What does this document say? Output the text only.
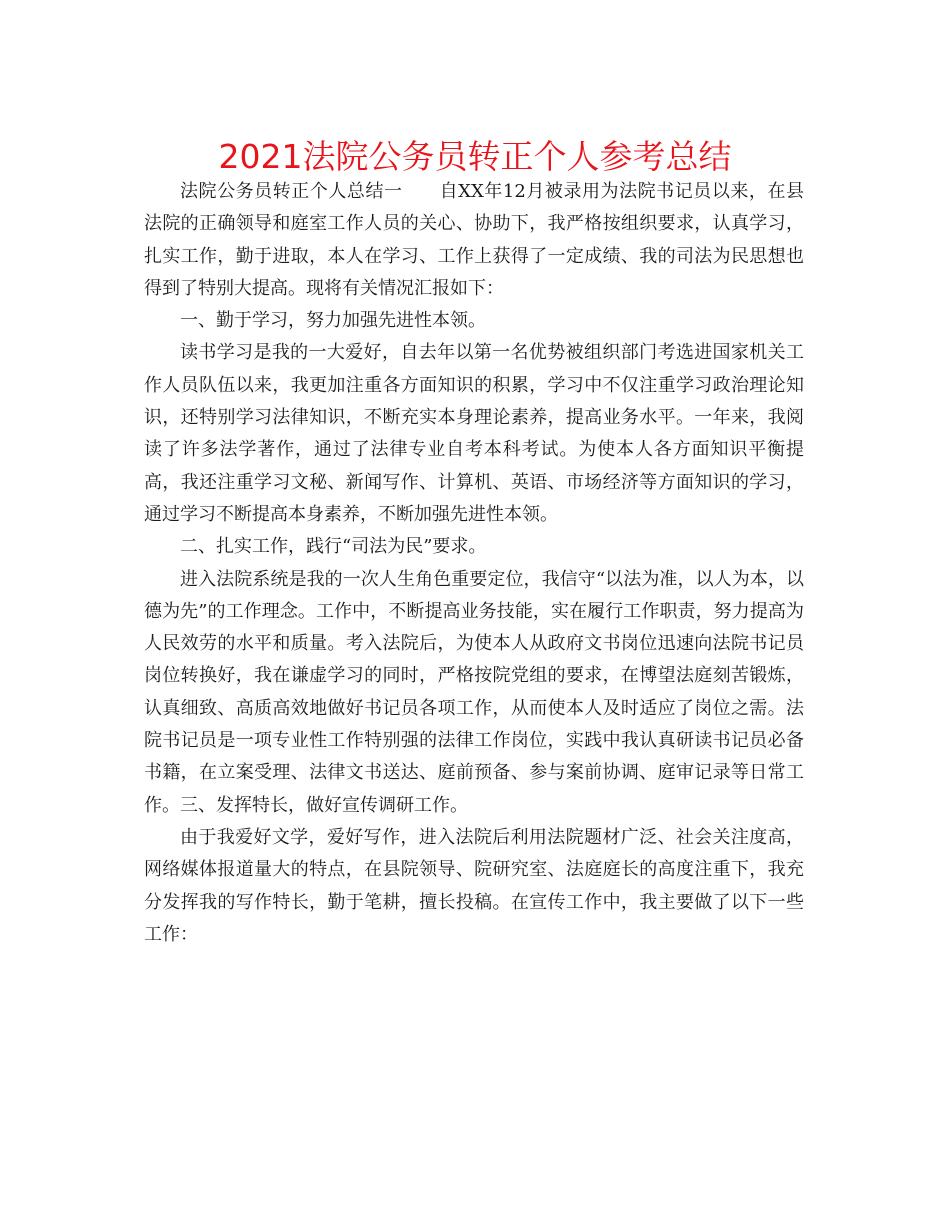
2021法院公务员转正个人参考总结

法院公务员转正个人总结一　　自XX年12月被录用为法院书记员以来，在县法院的正确领导和庭室工作人员的关心、协助下，我严格按组织要求，认真学习，扎实工作，勤于进取，本人在学习、工作上获得了一定成绩、我的司法为民思想也得到了特别大提高。现将有关情况汇报如下：

一、勤于学习，努力加强先进性本领。

读书学习是我的一大爱好，自去年以第一名优势被组织部门考选进国家机关工作人员队伍以来，我更加注重各方面知识的积累，学习中不仅注重学习政治理论知识，还特别学习法律知识，不断充实本身理论素养，提高业务水平。一年来，我阅读了许多法学著作，通过了法律专业自考本科考试。为使本人各方面知识平衡提高，我还注重学习文秘、新闻写作、计算机、英语、市场经济等方面知识的学习，通过学习不断提高本身素养，不断加强先进性本领。

二、扎实工作，践行“司法为民”要求。

进入法院系统是我的一次人生角色重要定位，我信守“以法为准，以人为本，以德为先”的工作理念。工作中，不断提高业务技能，实在履行工作职责，努力提高为人民效劳的水平和质量。考入法院后，为使本人从政府文书岗位迅速向法院书记员岗位转换好，我在谦虚学习的同时，严格按院党组的要求，在博望法庭刻苦锻炼，认真细致、高质高效地做好书记员各项工作，从而使本人及时适应了岗位之需。法院书记员是一项专业性工作特别强的法律工作岗位，实践中我认真研读书记员必备书籍，在立案受理、法律文书送达、庭前预备、参与案前协调、庭审记录等日常工作。三、发挥特长，做好宣传调研工作。

由于我爱好文学，爱好写作，进入法院后利用法院题材广泛、社会关注度高，网络媒体报道量大的特点，在县院领导、院研究室、法庭庭长的高度注重下，我充分发挥我的写作特长，勤于笔耕，擅长投稿。在宣传工作中，我主要做了以下一些工作：
